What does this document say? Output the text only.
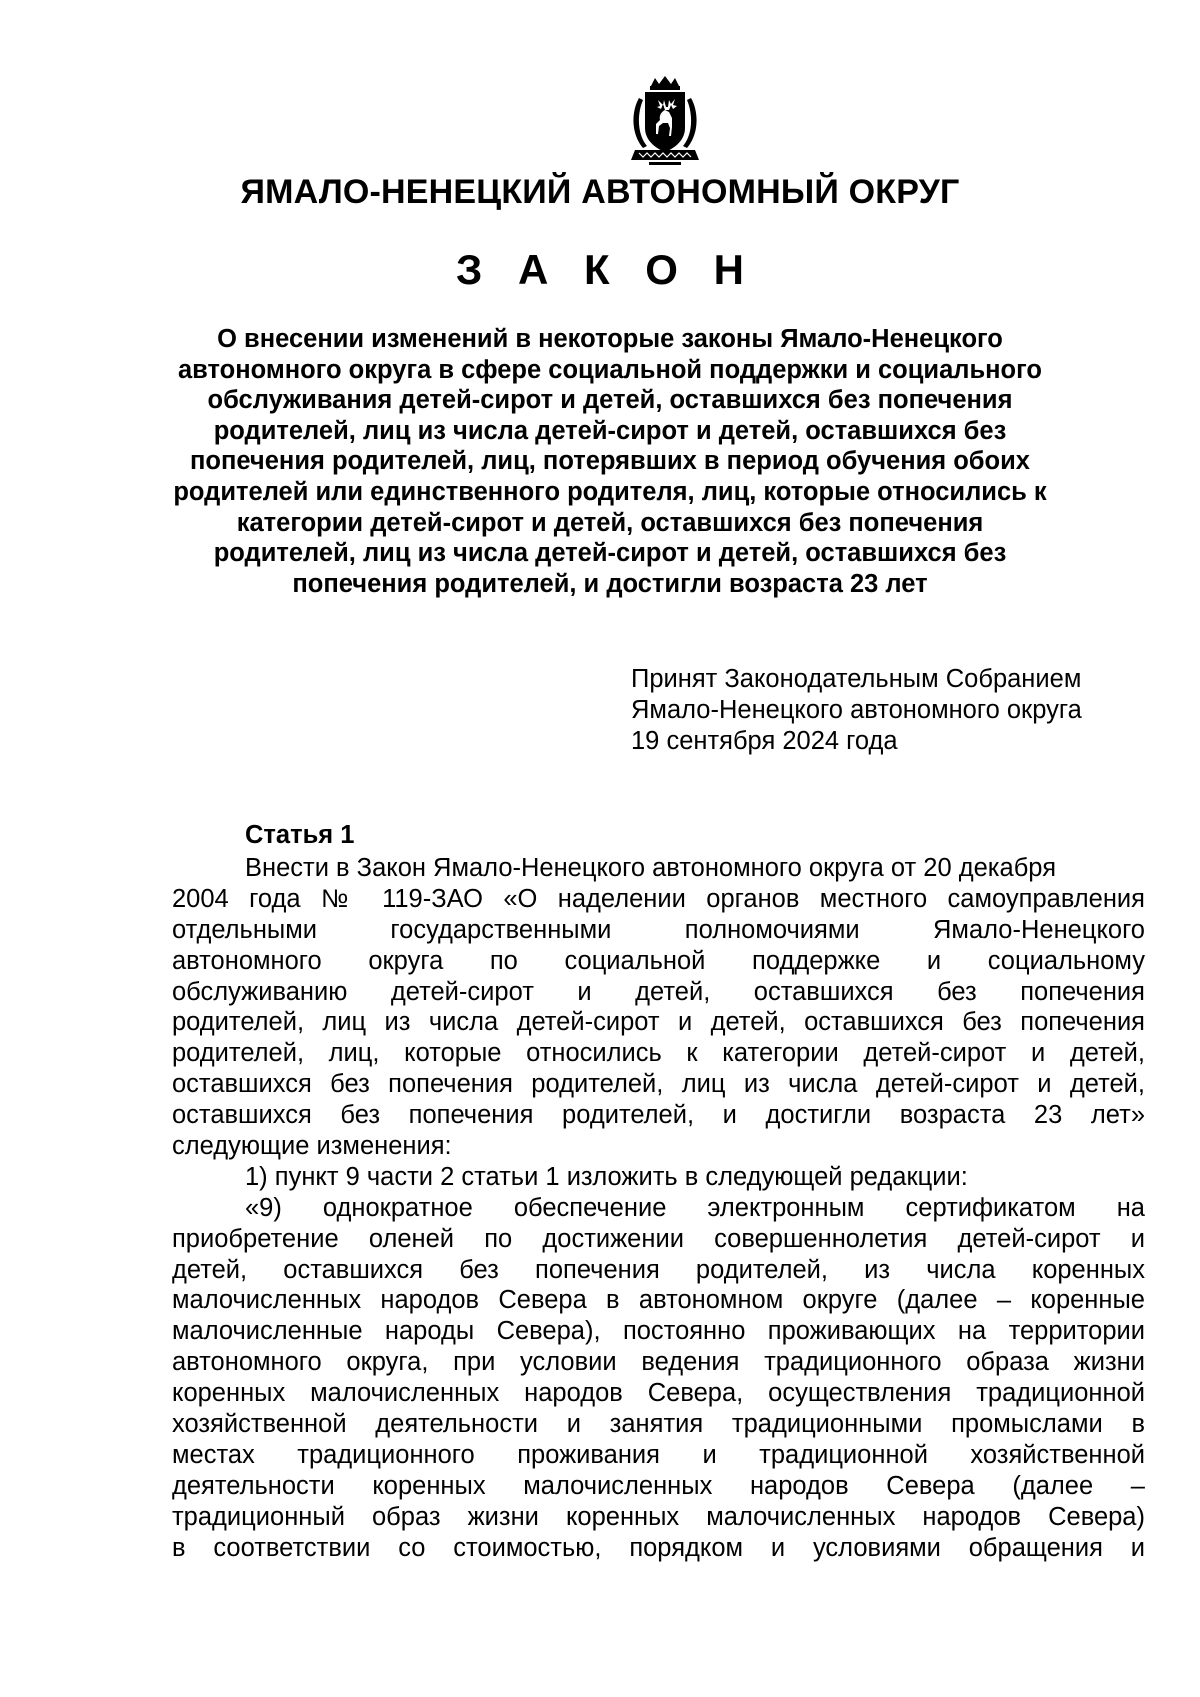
ЯМАЛО-НЕНЕЦКИЙ АВТОНОМНЫЙ ОКРУГ
З А К О Н
О внесении изменений в некоторые законы Ямало-Ненецкого
автономного округа в сфере социальной поддержки и социального
обслуживания детей-сирот и детей, оставшихся без попечения
родителей, лиц из числа детей-сирот и детей, оставшихся без
попечения родителей, лиц, потерявших в период обучения обоих
родителей или единственного родителя, лиц, которые относились к
категории детей-сирот и детей, оставшихся без попечения
родителей, лиц из числа детей-сирот и детей, оставшихся без
попечения родителей, и достигли возраста 23 лет
Принят Законодательным Собранием
Ямало-Ненецкого автономного округа
19 сентября 2024 года
Статья 1
Внести в Закон Ямало-Ненецкого автономного округа от 20 декабря
2004 года № 119-ЗАО «О наделении органов местного самоуправления
отдельными государственными полномочиями Ямало-Ненецкого
автономного округа по социальной поддержке и социальному
обслуживанию детей-сирот и детей, оставшихся без попечения
родителей, лиц из числа детей-сирот и детей, оставшихся без попечения
родителей, лиц, которые относились к категории детей-сирот и детей,
оставшихся без попечения родителей, лиц из числа детей-сирот и детей,
оставшихся без попечения родителей, и достигли возраста 23 лет»
следующие изменения:
1) пункт 9 части 2 статьи 1 изложить в следующей редакции:
«9) однократное обеспечение электронным сертификатом на
приобретение оленей по достижении совершеннолетия детей-сирот и
детей, оставшихся без попечения родителей, из числа коренных
малочисленных народов Севера в автономном округе (далее – коренные
малочисленные народы Севера), постоянно проживающих на территории
автономного округа, при условии ведения традиционного образа жизни
коренных малочисленных народов Севера, осуществления традиционной
хозяйственной деятельности и занятия традиционными промыслами в
местах традиционного проживания и традиционной хозяйственной
деятельности коренных малочисленных народов Севера (далее –
традиционный образ жизни коренных малочисленных народов Севера)
в соответствии со стоимостью, порядком и условиями обращения и
